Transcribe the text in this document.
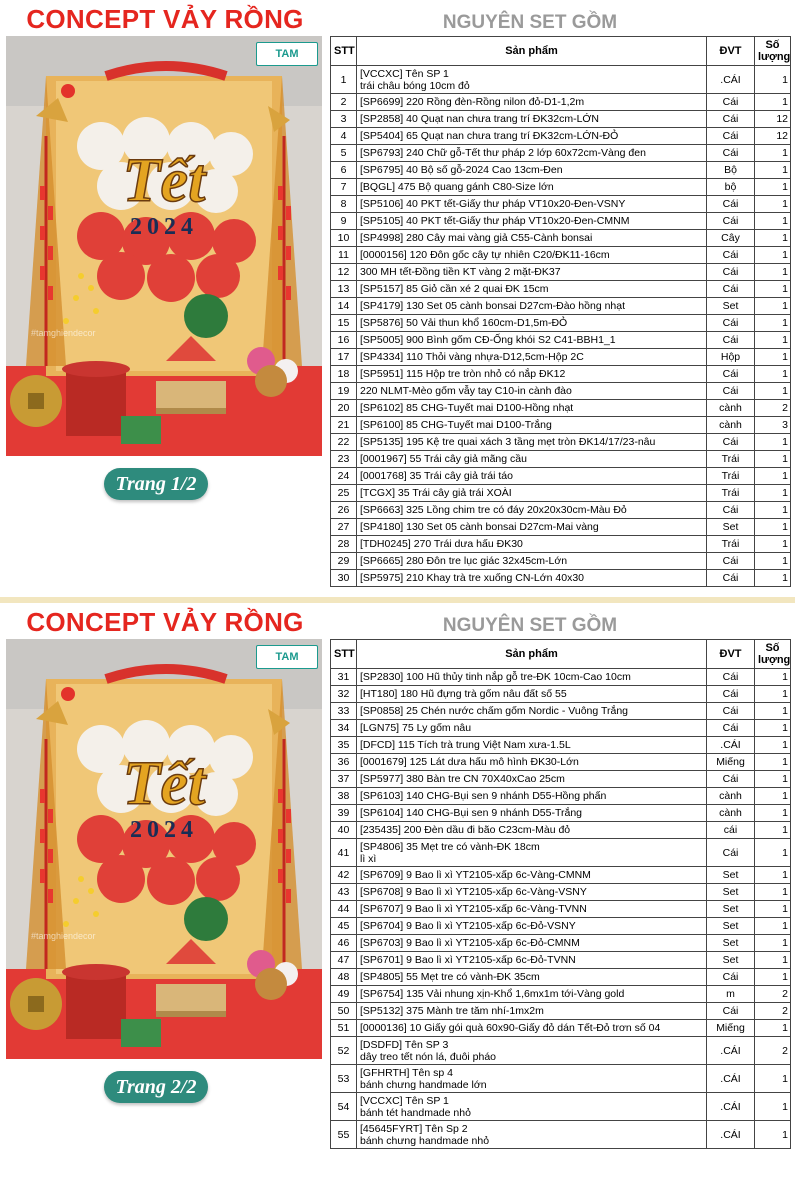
CONCEPT VẢY RỒNG	NGUYÊN SET GỒM
Tết
2024
#tamghiendecor
TAM
Trang 1/2
STT	Sản phẩm	ĐVT	Số lượng
1	[VCCXC] Tên SP 1
trái châu bóng 10cm đỏ	.CÁI	1
2	[SP6699] 220 Rồng đèn-Rồng nilon đỏ-D1-1,2m	Cái	1
3	[SP2858] 40 Quạt nan chưa trang trí ĐK32cm-LỚN	Cái	12
4	[SP5404] 65 Quạt nan chưa trang trí ĐK32cm-LỚN-ĐỎ	Cái	12
5	[SP6793] 240 Chữ gỗ-Tết thư pháp 2 lớp 60x72cm-Vàng đen	Cái	1
6	[SP6795] 40 Bộ số gỗ-2024 Cao 13cm-Đen	Bộ	1
7	[BQGL] 475 Bộ quang gánh C80-Size lớn	bộ	1
8	[SP5106] 40 PKT tết-Giấy thư pháp VT10x20-Đen-VSNY	Cái	1
9	[SP5105] 40 PKT tết-Giấy thư pháp VT10x20-Đen-CMNM	Cái	1
10	[SP4998] 280 Cây mai vàng giả C55-Cành bonsai	Cây	1
11	[0000156] 120 Đôn gốc cây tự nhiên C20/ĐK11-16cm	Cái	1
12	300 MH tết-Đồng tiền KT vàng 2 mặt-ĐK37	Cái	1
13	[SP5157] 85 Giỏ cần xé 2 quai ĐK 15cm	Cái	1
14	[SP4179] 130 Set 05 cành bonsai D27cm-Đào hồng nhạt	Set	1
15	[SP5876] 50 Vải thun khổ 160cm-D1,5m-ĐỎ	Cái	1
16	[SP5005] 900 Bình gốm CĐ-Ống khói S2 C41-BBH1_1	Cái	1
17	[SP4334] 110 Thỏi vàng nhựa-D12,5cm-Hộp 2C	Hộp	1
18	[SP5951] 115 Hộp tre tròn nhỏ có nắp ĐK12	Cái	1
19	220 NLMT-Mèo gốm vẫy tay C10-in cành đào	Cái	1
20	[SP6102] 85 CHG-Tuyết mai D100-Hồng nhạt	cành	2
21	[SP6100] 85 CHG-Tuyết mai D100-Trắng	cành	3
22	[SP5135] 195 Kệ tre quai xách 3 tầng mẹt tròn ĐK14/17/23-nâu	Cái	1
23	[0001967] 55 Trái cây giả mãng cầu	Trái	1
24	[0001768] 35 Trái cây giả trái táo	Trái	1
25	[TCGX] 35 Trái cây giả trái XOÀI	Trái	1
26	[SP6663] 325 Lồng chim tre có đáy 20x20x30cm-Màu Đỏ	Cái	1
27	[SP4180] 130 Set 05 cành bonsai D27cm-Mai vàng	Set	1
28	[TDH0245] 270 Trái dưa hấu ĐK30	Trái	1
29	[SP6665] 280 Đôn tre lục giác 32x45cm-Lớn	Cái	1
30	[SP5975] 210 Khay trà tre xuống CN-Lớn 40x30	Cái	1
CONCEPT VẢY RỒNG	NGUYÊN SET GỒM
Tết
2024
#tamghiendecor
TAM
Trang 2/2
STT	Sản phẩm	ĐVT	Số lượng
31	[SP2830] 100 Hũ thủy tinh nắp gỗ tre-ĐK 10cm-Cao 10cm	Cái	1
32	[HT180] 180 Hũ đựng trà gốm nâu đất số 55	Cái	1
33	[SP0858] 25 Chén nước chấm gốm Nordic - Vuông Trắng	Cái	1
34	[LGN75] 75 Ly gốm nâu	Cái	1
35	[DFCD] 115 Tích trà trung Việt Nam xưa-1.5L	.CÁI	1
36	[0001679] 125 Lát dưa hấu mô hình ĐK30-Lớn	Miếng	1
37	[SP5977] 380 Bàn tre CN 70X40xCao 25cm	Cái	1
38	[SP6103] 140 CHG-Bụi sen 9 nhánh D55-Hồng phấn	cành	1
39	[SP6104] 140 CHG-Bụi sen 9 nhánh D55-Trắng	cành	1
40	[235435] 200 Đèn dầu đi bão C23cm-Màu đỏ	cái	1
41	[SP4806] 35 Mẹt tre có vành-ĐK 18cm
lì xì	Cái	1
42	[SP6709] 9 Bao lì xì YT2105-xấp 6c-Vàng-CMNM	Set	1
43	[SP6708] 9 Bao lì xì YT2105-xấp 6c-Vàng-VSNY	Set	1
44	[SP6707] 9 Bao lì xì YT2105-xấp 6c-Vàng-TVNN	Set	1
45	[SP6704] 9 Bao lì xì YT2105-xấp 6c-Đỏ-VSNY	Set	1
46	[SP6703] 9 Bao lì xì YT2105-xấp 6c-Đỏ-CMNM	Set	1
47	[SP6701] 9 Bao lì xì YT2105-xấp 6c-Đỏ-TVNN	Set	1
48	[SP4805] 55 Mẹt tre có vành-ĐK 35cm	Cái	1
49	[SP6754] 135 Vải nhung xịn-Khổ 1,6mx1m tới-Vàng gold	m	2
50	[SP5132] 375 Mành tre tăm nhí-1mx2m	Cái	2
51	[0000136] 10 Giấy gói quà 60x90-Giấy đỏ dán Tết-Đỏ trơn số 04	Miếng	1
52	[DSDFD] Tên SP 3
dây treo tết nón lá, đuôi pháo	.CÁI	2
53	[GFHRTH] Tên sp 4
bánh chưng handmade lớn	.CÁI	1
54	[VCCXC] Tên SP 1
bánh tét handmade nhỏ	.CÁI	1
55	[45645FYRT] Tên Sp 2
bánh chưng handmade nhỏ	.CÁI	1
